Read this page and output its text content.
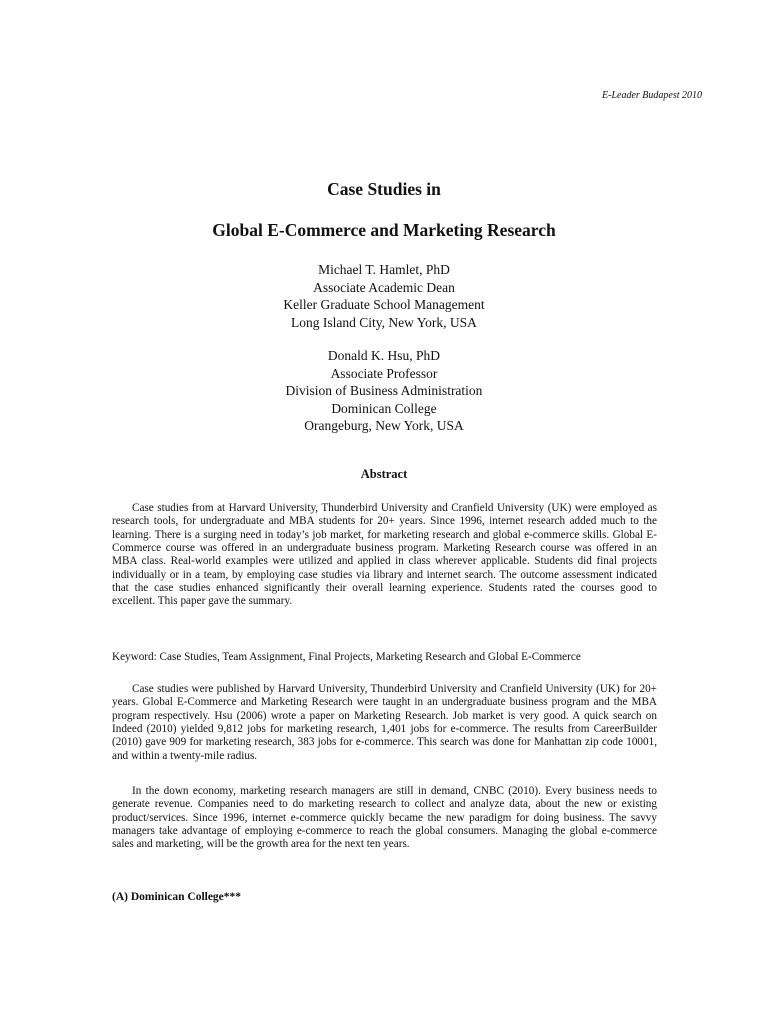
E-Leader Budapest 2010
Case Studies in
Global E-Commerce and Marketing Research
Michael T. Hamlet, PhD
Associate Academic Dean
Keller Graduate School Management
Long Island City, New York, USA
Donald K. Hsu, PhD
Associate Professor
Division of Business Administration
Dominican College
Orangeburg, New York, USA
Abstract

Case studies from at Harvard University, Thunderbird University and Cranfield University (UK) were employed as research tools, for undergraduate and MBA students for 20+ years. Since 1996, internet research added much to the learning. There is a surging need in today’s job market, for marketing research and global e-commerce skills. Global E-Commerce course was offered in an undergraduate business program. Marketing Research course was offered in an MBA class. Real-world examples were utilized and applied in class wherever applicable. Students did final projects individually or in a team, by employing case studies via library and internet search. The outcome assessment indicated that the case studies enhanced significantly their overall learning experience. Students rated the courses good to excellent. This paper gave the summary.

Keyword: Case Studies, Team Assignment, Final Projects, Marketing Research and Global E-Commerce

Case studies were published by Harvard University, Thunderbird University and Cranfield University (UK) for 20+ years. Global E-Commerce and Marketing Research were taught in an undergraduate business program and the MBA program respectively. Hsu (2006) wrote a paper on Marketing Research. Job market is very good. A quick search on Indeed (2010) yielded 9,812 jobs for marketing research, 1,401 jobs for e-commerce. The results from CareerBuilder (2010) gave 909 for marketing research, 383 jobs for e-commerce. This search was done for Manhattan zip code 10001, and within a twenty-mile radius.

In the down economy, marketing research managers are still in demand, CNBC (2010). Every business needs to generate revenue. Companies need to do marketing research to collect and analyze data, about the new or existing product/services. Since 1996, internet e-commerce quickly became the new paradigm for doing business. The savvy managers take advantage of employing e-commerce to reach the global consumers. Managing the global e-commerce sales and marketing, will be the growth area for the next ten years.

(A) Dominican College***
